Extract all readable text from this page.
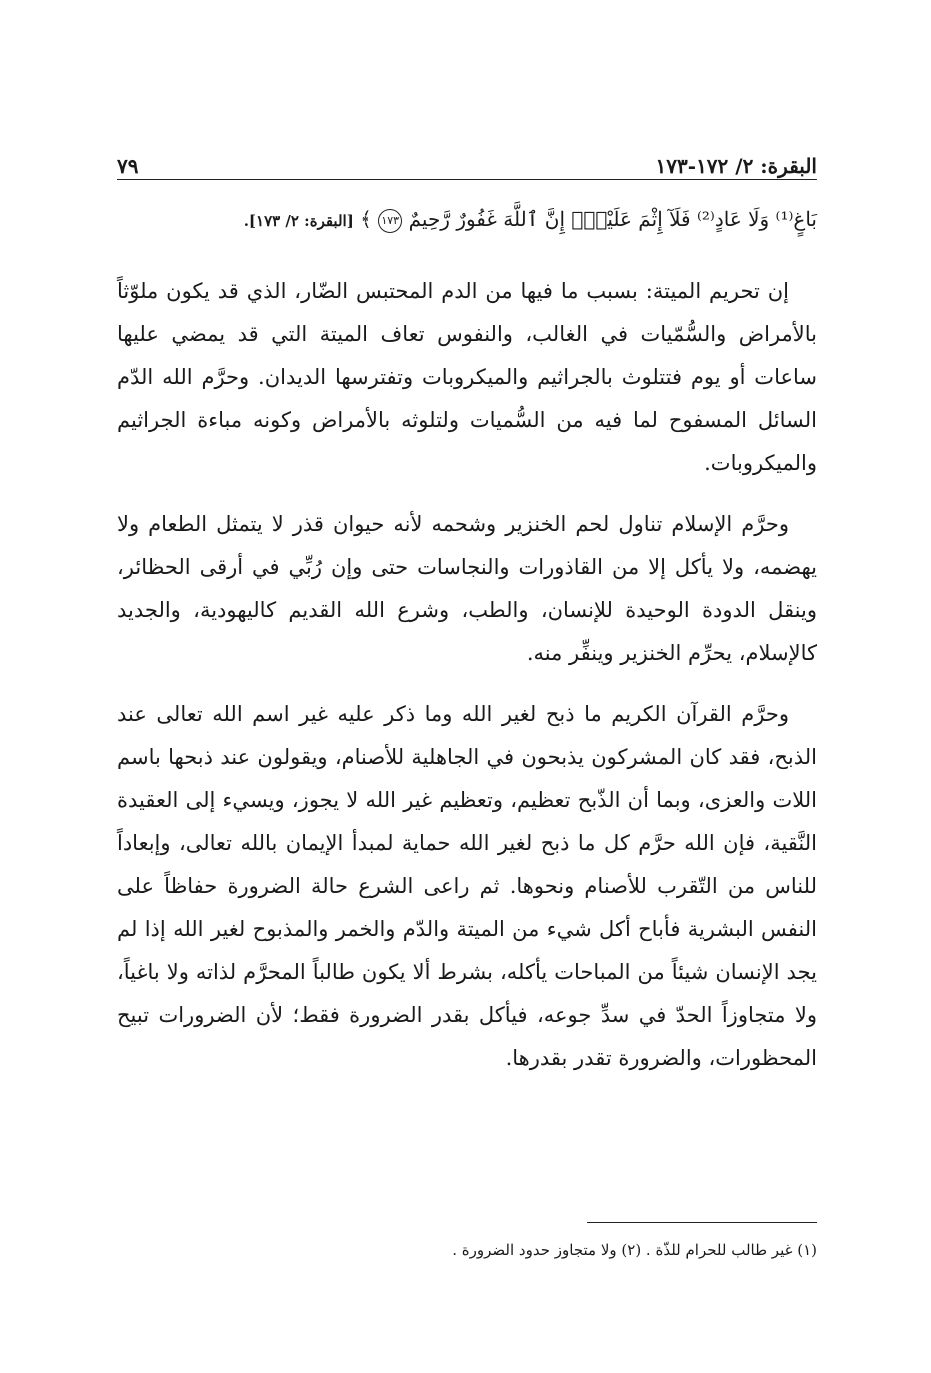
البقرة: ٢/ ١٧٢-١٧٣
٧٩
بَاغٍ⁽¹⁾ وَلَا عَادٍ⁽²⁾ فَلَآ إِثْمَ عَلَيْهِۚ إِنَّ ٱللَّهَ غَفُورٌ رَّحِيمٌ ١٧٣ ﴾ [البقرة: ٢/ ١٧٣].

إن تحريم الميتة: بسبب ما فيها من الدم المحتبس الضّار، الذي قد يكون ملوّثاً بالأمراض والسُّمّيات في الغالب، والنفوس تعاف الميتة التي قد يمضي عليها ساعات أو يوم فتتلوث بالجراثيم والميكروبات وتفترسها الديدان. وحرَّم الله الدّم السائل المسفوح لما فيه من السُّميات ولتلوثه بالأمراض وكونه مباءة الجراثيم والميكروبات.

وحرَّم الإسلام تناول لحم الخنزير وشحمه لأنه حيوان قذر لا يتمثل الطعام ولا يهضمه، ولا يأكل إلا من القاذورات والنجاسات حتى وإن رُبِّي في أرقى الحظائر، وينقل الدودة الوحيدة للإنسان، والطب، وشرع الله القديم كاليهودية، والجديد كالإسلام، يحرِّم الخنزير وينفِّر منه.

وحرَّم القرآن الكريم ما ذبح لغير الله وما ذكر عليه غير اسم الله تعالى عند الذبح، فقد كان المشركون يذبحون في الجاهلية للأصنام، ويقولون عند ذبحها باسم اللات والعزى، وبما أن الذّبح تعظيم، وتعظيم غير الله لا يجوز، ويسيء إلى العقيدة النَّقية، فإن الله حرَّم كل ما ذبح لغير الله حماية لمبدأ الإيمان بالله تعالى، وإبعاداً للناس من التّقرب للأصنام ونحوها. ثم راعى الشرع حالة الضرورة حفاظاً على النفس البشرية فأباح أكل شيء من الميتة والدّم والخمر والمذبوح لغير الله إذا لم يجد الإنسان شيئاً من المباحات يأكله، بشرط ألا يكون طالباً المحرَّم لذاته ولا باغياً، ولا متجاوزاً الحدّ في سدِّ جوعه، فيأكل بقدر الضرورة فقط؛ لأن الضرورات تبيح المحظورات، والضرورة تقدر بقدرها.

(١) غير طالب للحرام للذّة . (٢) ولا متجاوز حدود الضرورة .
